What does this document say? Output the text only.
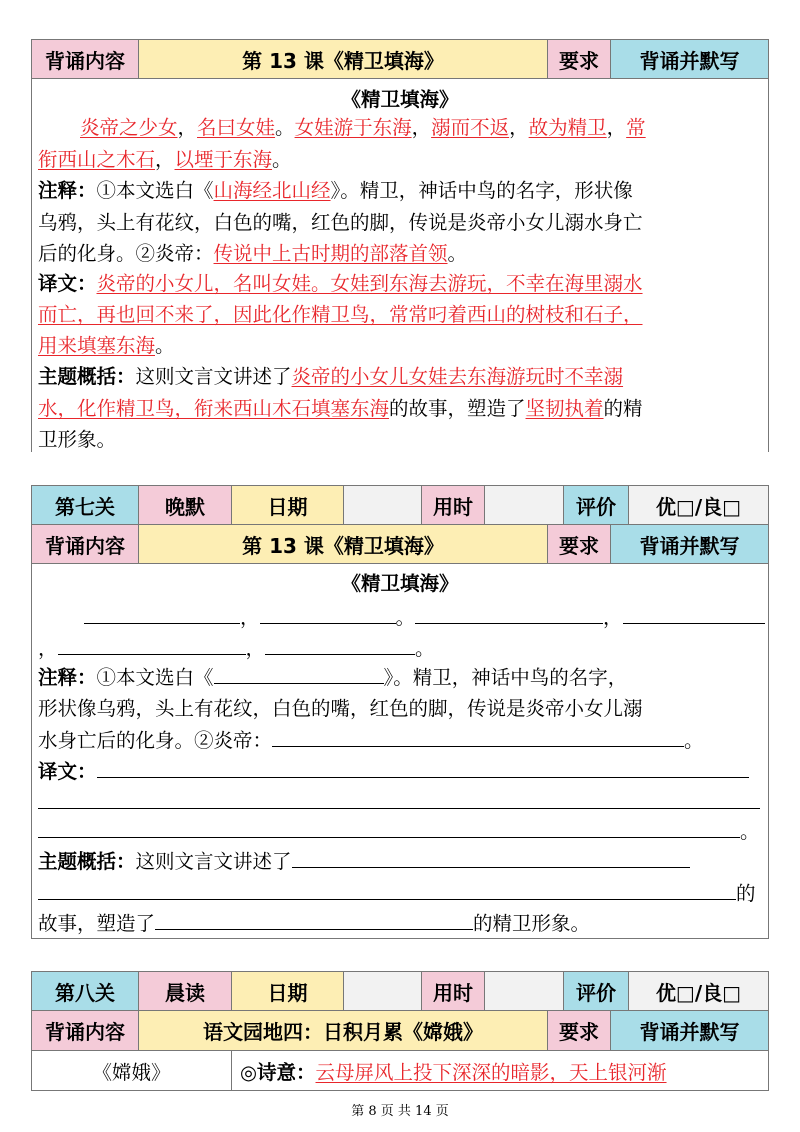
背诵内容	第 13 课《精卫填海》	要求	背诵并默写
《精卫填海》
炎帝之少女，名曰女娃。女娃游于东海，溺而不返，故为精卫，常
衔西山之木石，以堙于东海。
注释：①本文选白《山海经北山经》。精卫，神话中鸟的名字，形状像
乌鸦，头上有花纹，白色的嘴，红色的脚，传说是炎帝小女儿溺水身亡
后的化身。②炎帝：传说中上古时期的部落首领。
译文：炎帝的小女儿，名叫女娃。女娃到东海去游玩，不幸在海里溺水
而亡，再也回不来了，因此化作精卫鸟，常常叼着西山的树枝和石子，
用来填塞东海。
主题概括：这则文言文讲述了炎帝的小女儿女娃去东海游玩时不幸溺
水，化作精卫鸟，衔来西山木石填塞东海的故事，塑造了坚韧执着的精
卫形象。
第七关	晚默	日期	用时	评价	优□/良□
背诵内容	第 13 课《精卫填海》	要求	背诵并默写
《精卫填海》
，	。	，
，	，	。
注释：①本文选白《	》。精卫，神话中鸟的名字，
形状像乌鸦，头上有花纹，白色的嘴，红色的脚，传说是炎帝小女儿溺
水身亡后的化身。②炎帝：	。
译文：
。
主题概括：这则文言文讲述了
的
故事，塑造了	的精卫形象。
第八关	晨读	日期	用时	评价	优□/良□
背诵内容	语文园地四：日积月累《嫦娥》	要求	背诵并默写
《嫦娥》	◎诗意： 云母屏风上投下深深的暗影，天上银河渐
第 8 页 共 14 页
